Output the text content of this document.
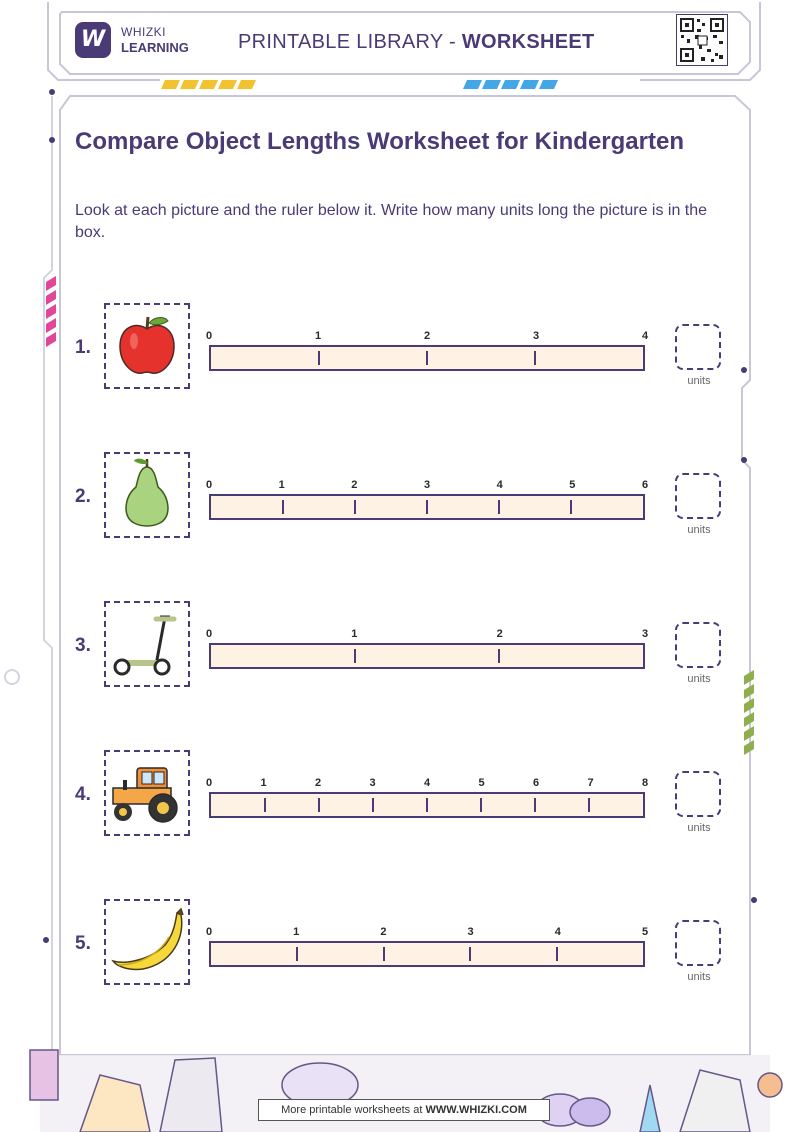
W	WHIZKI
LEARNING PRINTABLE LIBRARY - WORKSHEET
Compare Object Lengths Worksheet for Kindergarten
Look at each picture and the ruler below it. Write how many units long the picture is in the box.
1.
0	1	2	3	4
units
2.
0	1	2	3	4	5	6
units
3.
0	1	2	3
units
4.
0	1	2	3	4	5	6	7	8
units
5.
0	1	2	3	4	5
units
More printable worksheets at WWW.WHIZKI.COM
